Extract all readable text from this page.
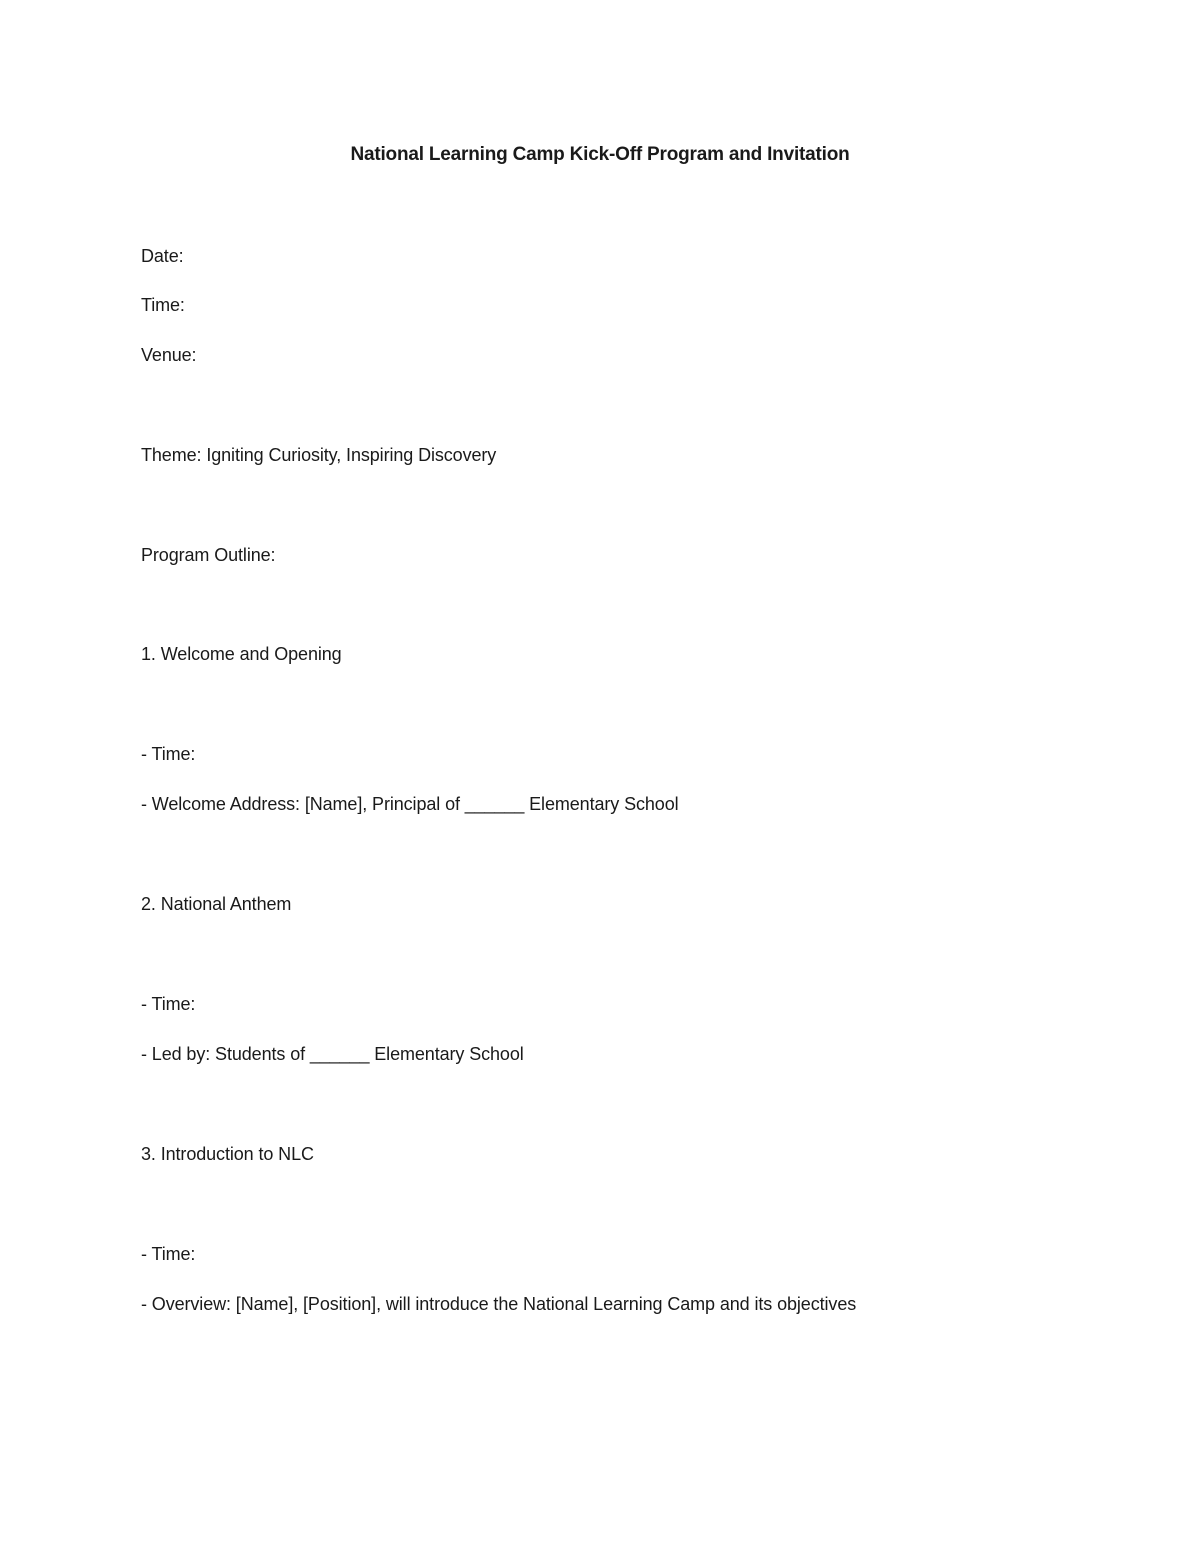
National Learning Camp Kick-Off Program and Invitation
Date:
Time:
Venue:
Theme: Igniting Curiosity, Inspiring Discovery
Program Outline:
1. Welcome and Opening
- Time:
- Welcome Address: [Name], Principal of ______ Elementary School
2. National Anthem
- Time:
- Led by: Students of ______ Elementary School
3. Introduction to NLC
- Time:
- Overview: [Name], [Position], will introduce the National Learning Camp and its objectives
